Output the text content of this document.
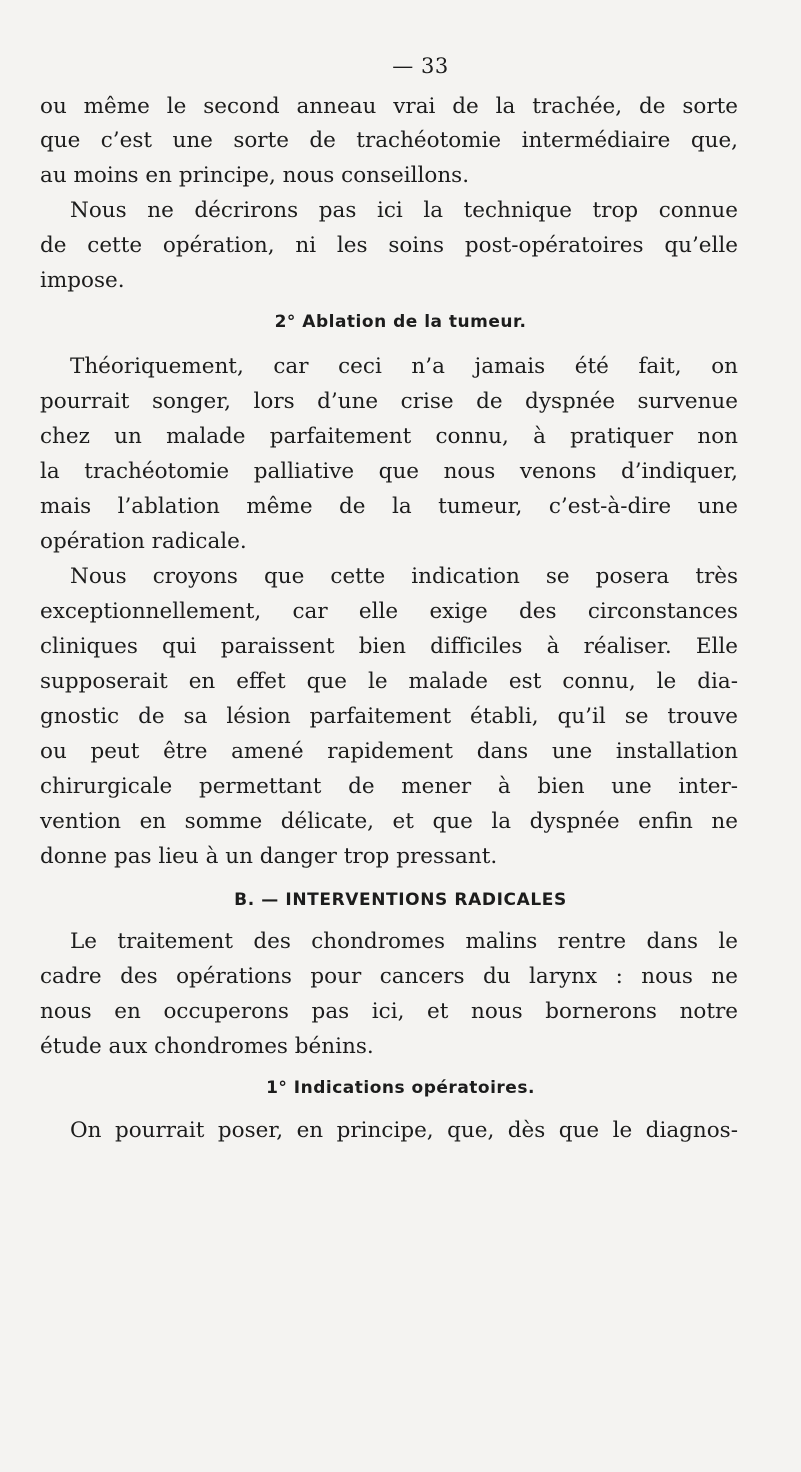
— 33
ou même le second anneau vrai de la trachée, de sorte
que c’est une sorte de trachéotomie intermédiaire que,
au moins en principe, nous conseillons.
Nous ne décrirons pas ici la technique trop connue
de cette opération, ni les soins post-opératoires qu’elle
impose.
2° Ablation de la tumeur.
Théoriquement, car ceci n’a jamais été fait, on
pourrait songer, lors d’une crise de dyspnée survenue
chez un malade parfaitement connu, à pratiquer non
la trachéotomie palliative que nous venons d’indiquer,
mais l’ablation même de la tumeur, c’est-à-dire une
opération radicale.
Nous croyons que cette indication se posera très
exceptionnellement, car elle exige des circonstances
cliniques qui paraissent bien difficiles à réaliser. Elle
supposerait en effet que le malade est connu, le dia-
gnostic de sa lésion parfaitement établi, qu’il se trouve
ou peut être amené rapidement dans une installation
chirurgicale permettant de mener à bien une inter-
vention en somme délicate, et que la dyspnée enfin ne
donne pas lieu à un danger trop pressant.
B. — INTERVENTIONS RADICALES
Le traitement des chondromes malins rentre dans le
cadre des opérations pour cancers du larynx : nous ne
nous en occuperons pas ici, et nous bornerons notre
étude aux chondromes bénins.
1° Indications opératoires.
On pourrait poser, en principe, que, dès que le diagnos-
